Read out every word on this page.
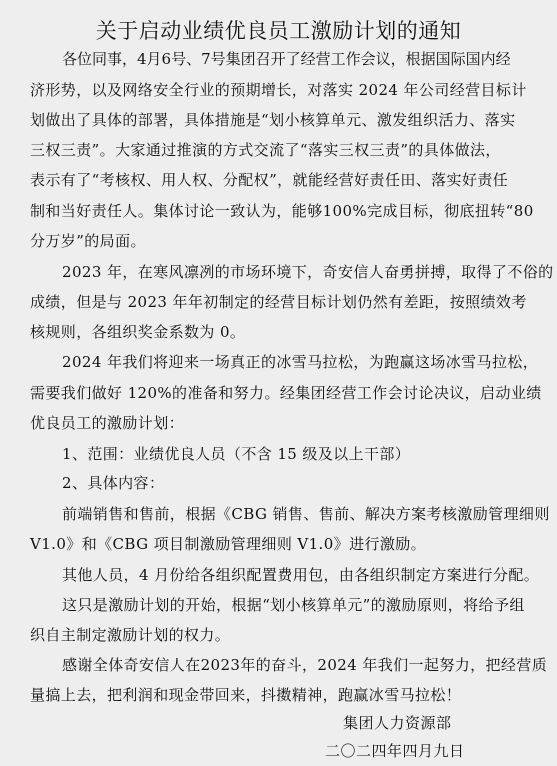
关于启动业绩优良员工激励计划的通知
各位同事，4月6号、7号集团召开了经营工作会议，根据国际国内经
济形势，以及网络安全行业的预期增长，对落实 2024 年公司经营目标计
划做出了具体的部署，具体措施是“划小核算单元、激发组织活力、落实
三权三责”。大家通过推演的方式交流了“落实三权三责”的具体做法，
表示有了“考核权、用人权、分配权”，就能经营好责任田、落实好责任
制和当好责任人。集体讨论一致认为，能够100%完成目标，彻底扭转“80
分万岁”的局面。
2023 年，在寒风凛冽的市场环境下，奇安信人奋勇拼搏，取得了不俗的
成绩，但是与 2023 年年初制定的经营目标计划仍然有差距，按照绩效考
核规则，各组织奖金系数为 0。
2024 年我们将迎来一场真正的冰雪马拉松，为跑赢这场冰雪马拉松，
需要我们做好 120%的准备和努力。经集团经营工作会讨论决议，启动业绩
优良员工的激励计划：
1、范围：业绩优良人员（不含 15 级及以上干部）
2、具体内容：
前端销售和售前，根据《CBG 销售、售前、解决方案考核激励管理细则
V1.0》和《CBG 项目制激励管理细则 V1.0》进行激励。
其他人员，4 月份给各组织配置费用包，由各组织制定方案进行分配。
这只是激励计划的开始，根据“划小核算单元”的激励原则，将给予组
织自主制定激励计划的权力。
感谢全体奇安信人在2023年的奋斗，2024 年我们一起努力，把经营质
量搞上去，把利润和现金带回来，抖擞精神，跑赢冰雪马拉松！
集团人力资源部
二〇二四年四月九日
